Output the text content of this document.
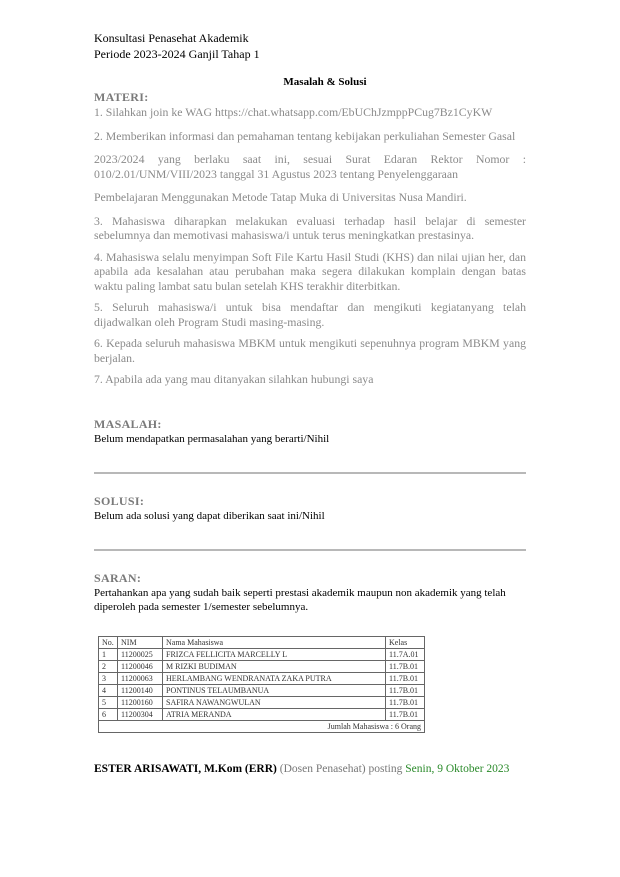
Konsultasi Penasehat Akademik
Periode 2023-2024 Ganjil Tahap 1
Masalah & Solusi
MATERI:

1. Silahkan join ke WAG https://chat.whatsapp.com/EbUChJzmppPCug7Bz1CyKW

2. Memberikan informasi dan pemahaman tentang kebijakan perkuliahan Semester Gasal

2023/2024 yang berlaku saat ini, sesuai Surat Edaran Rektor Nomor : 010/2.01/UNM/VIII/2023 tanggal 31 Agustus 2023 tentang Penyelenggaraan

Pembelajaran Menggunakan Metode Tatap Muka di Universitas Nusa Mandiri.

3. Mahasiswa diharapkan melakukan evaluasi terhadap hasil belajar di semester sebelumnya dan memotivasi mahasiswa/i untuk terus meningkatkan prestasinya.

4. Mahasiswa selalu menyimpan Soft File Kartu Hasil Studi (KHS) dan nilai ujian her, dan apabila ada kesalahan atau perubahan maka segera dilakukan komplain dengan batas waktu paling lambat satu bulan setelah KHS terakhir diterbitkan.

5. Seluruh mahasiswa/i untuk bisa mendaftar dan mengikuti kegiatanyang telah dijadwalkan oleh Program Studi masing-masing.

6. Kepada seluruh mahasiswa MBKM untuk mengikuti sepenuhnya program MBKM yang berjalan.

7. Apabila ada yang mau ditanyakan silahkan hubungi saya

MASALAH:
Belum mendapatkan permasalahan yang berarti/Nihil
SOLUSI:
Belum ada solusi yang dapat diberikan saat ini/Nihil
SARAN:
Pertahankan apa yang sudah baik seperti prestasi akademik maupun non akademik yang telah diperoleh pada semester 1/semester sebelumnya.
No.	NIM	Nama Mahasiswa	Kelas
1	11200025	FRIZCA FELLICITA MARCELLY L	11.7A.01
2	11200046	M RIZKI BUDIMAN	11.7B.01
3	11200063	HERLAMBANG WENDRANATA ZAKA PUTRA	11.7B.01
4	11200140	PONTINUS TELAUMBANUA	11.7B.01
5	11200160	SAFIRA NAWANGWULAN	11.7B.01
6	11200304	ATRIA MERANDA	11.7B.01
Jumlah Mahasiswa : 6 Orang			
ESTER ARISAWATI, M.Kom (ERR) (Dosen Penasehat) posting Senin, 9 Oktober 2023
